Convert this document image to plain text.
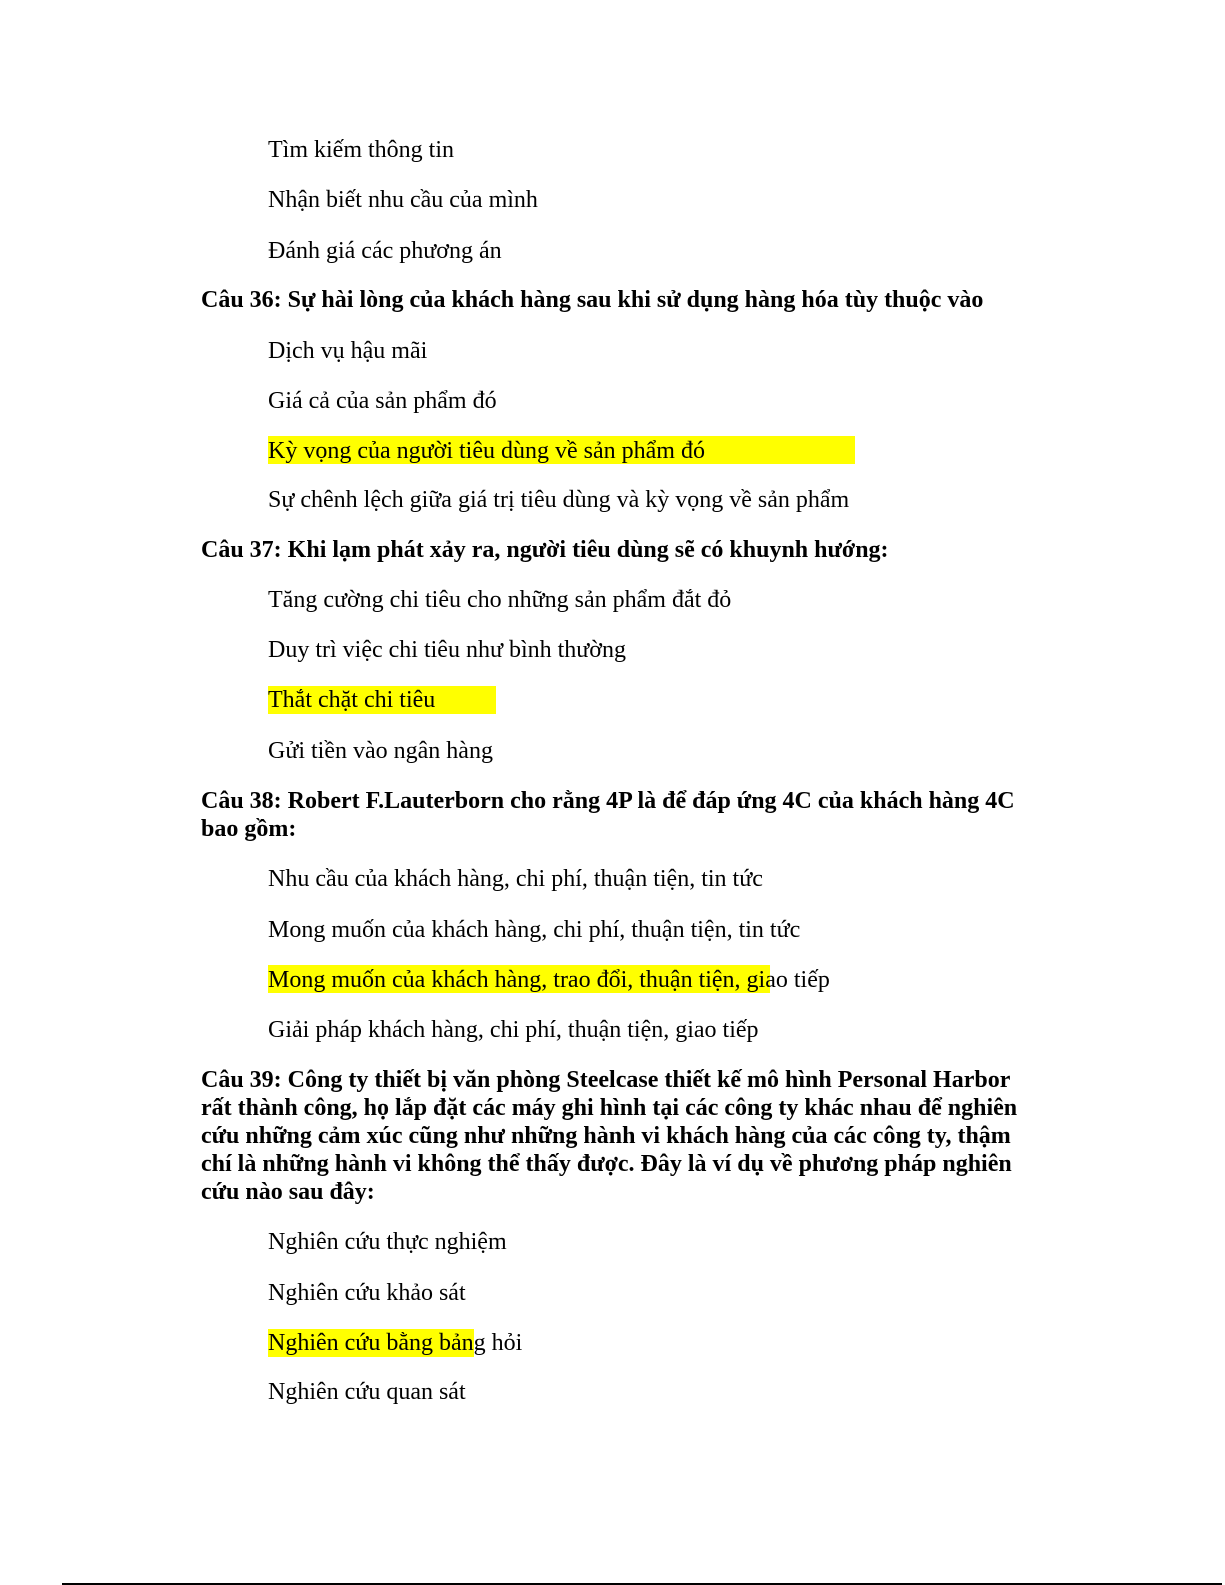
Tìm kiếm thông tin
Nhận biết nhu cầu của mình
Đánh giá các phương án
Câu 36: Sự hài lòng của khách hàng sau khi sử dụng hàng hóa tùy thuộc vào
Dịch vụ hậu mãi
Giá cả của sản phẩm đó
Kỳ vọng của người tiêu dùng về sản phẩm đó
Sự chênh lệch giữa giá trị tiêu dùng và kỳ vọng về sản phẩm
Câu 37: Khi lạm phát xảy ra, người tiêu dùng sẽ có khuynh hướng:
Tăng cường chi tiêu cho những sản phẩm đắt đỏ
Duy trì việc chi tiêu như bình thường
Thắt chặt chi tiêu
Gửi tiền vào ngân hàng
Câu 38: Robert F.Lauterborn cho rằng 4P là để đáp ứng 4C của khách hàng 4C
bao gồm:
Nhu cầu của khách hàng, chi phí, thuận tiện, tin tức
Mong muốn của khách hàng, chi phí, thuận tiện, tin tức
Mong muốn của khách hàng, trao đổi, thuận tiện, giao tiếp
Giải pháp khách hàng, chi phí, thuận tiện, giao tiếp
Câu 39: Công ty thiết bị văn phòng Steelcase thiết kế mô hình Personal Harbor
rất thành công, họ lắp đặt các máy ghi hình tại các công ty khác nhau để nghiên
cứu những cảm xúc cũng như những hành vi khách hàng của các công ty, thậm
chí là những hành vi không thể thấy được. Đây là ví dụ về phương pháp nghiên
cứu nào sau đây:
Nghiên cứu thực nghiệm
Nghiên cứu khảo sát
Nghiên cứu bằng bảng hỏi
Nghiên cứu quan sát
